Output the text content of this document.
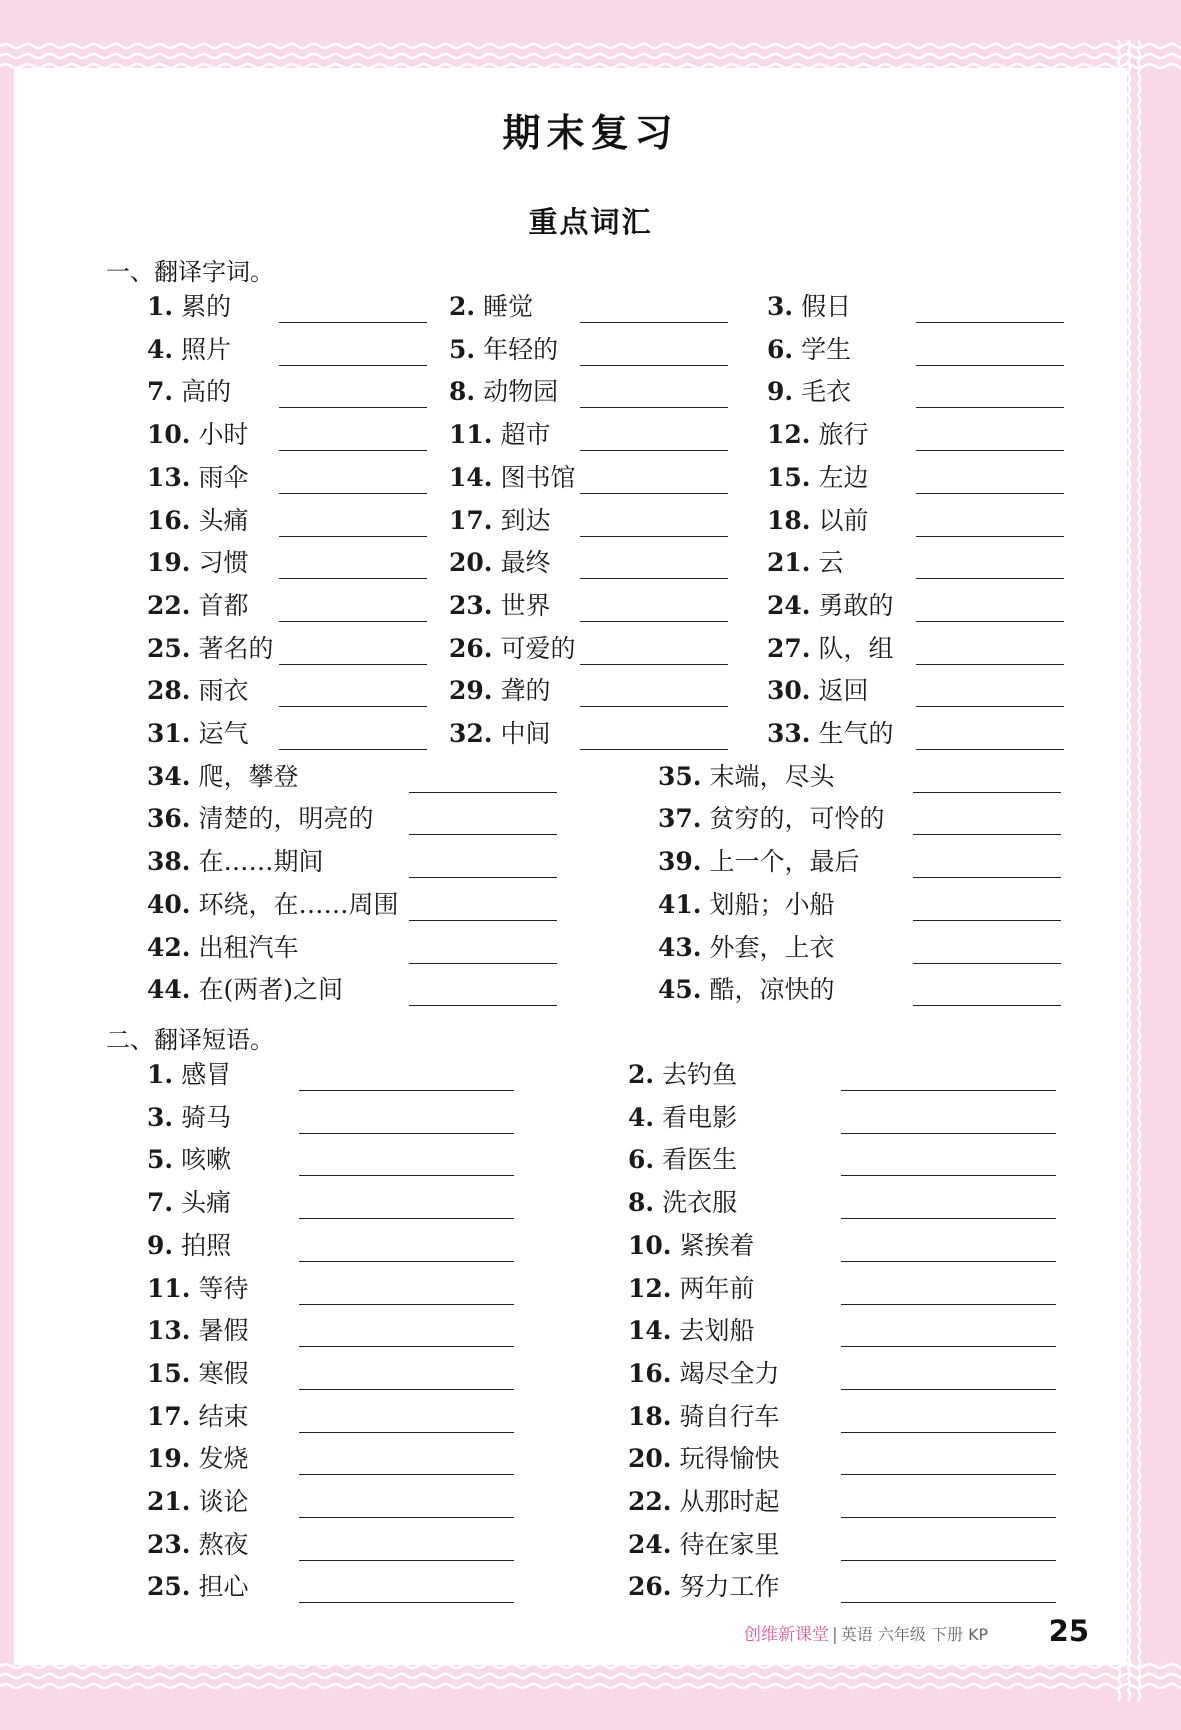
期末复习
重点词汇
一、翻译字词。
二、翻译短语。
1. 累的	2. 睡觉	3. 假日
4. 照片	5. 年轻的	6. 学生
7. 高的	8. 动物园	9. 毛衣
10. 小时	11. 超市	12. 旅行
13. 雨伞	14. 图书馆	15. 左边
16. 头痛	17. 到达	18. 以前
19. 习惯	20. 最终	21. 云
22. 首都	23. 世界	24. 勇敢的
25. 著名的	26. 可爱的	27. 队，组
28. 雨衣	29. 聋的	30. 返回
31. 运气	32. 中间	33. 生气的
34. 爬，攀登	35. 末端，尽头
36. 清楚的，明亮的	37. 贫穷的，可怜的
38. 在……期间	39. 上一个，最后
40. 环绕，在……周围	41. 划船；小船
42. 出租汽车	43. 外套，上衣
44. 在(两者)之间	45. 酷，凉快的
1. 感冒	2. 去钓鱼
3. 骑马	4. 看电影
5. 咳嗽	6. 看医生
7. 头痛	8. 洗衣服
9. 拍照	10. 紧挨着
11. 等待	12. 两年前
13. 暑假	14. 去划船
15. 寒假	16. 竭尽全力
17. 结束	18. 骑自行车
19. 发烧	20. 玩得愉快
21. 谈论	22. 从那时起
23. 熬夜	24. 待在家里
25. 担心	26. 努力工作
创维新课堂 | 英语 六年级 下册 KP 25
